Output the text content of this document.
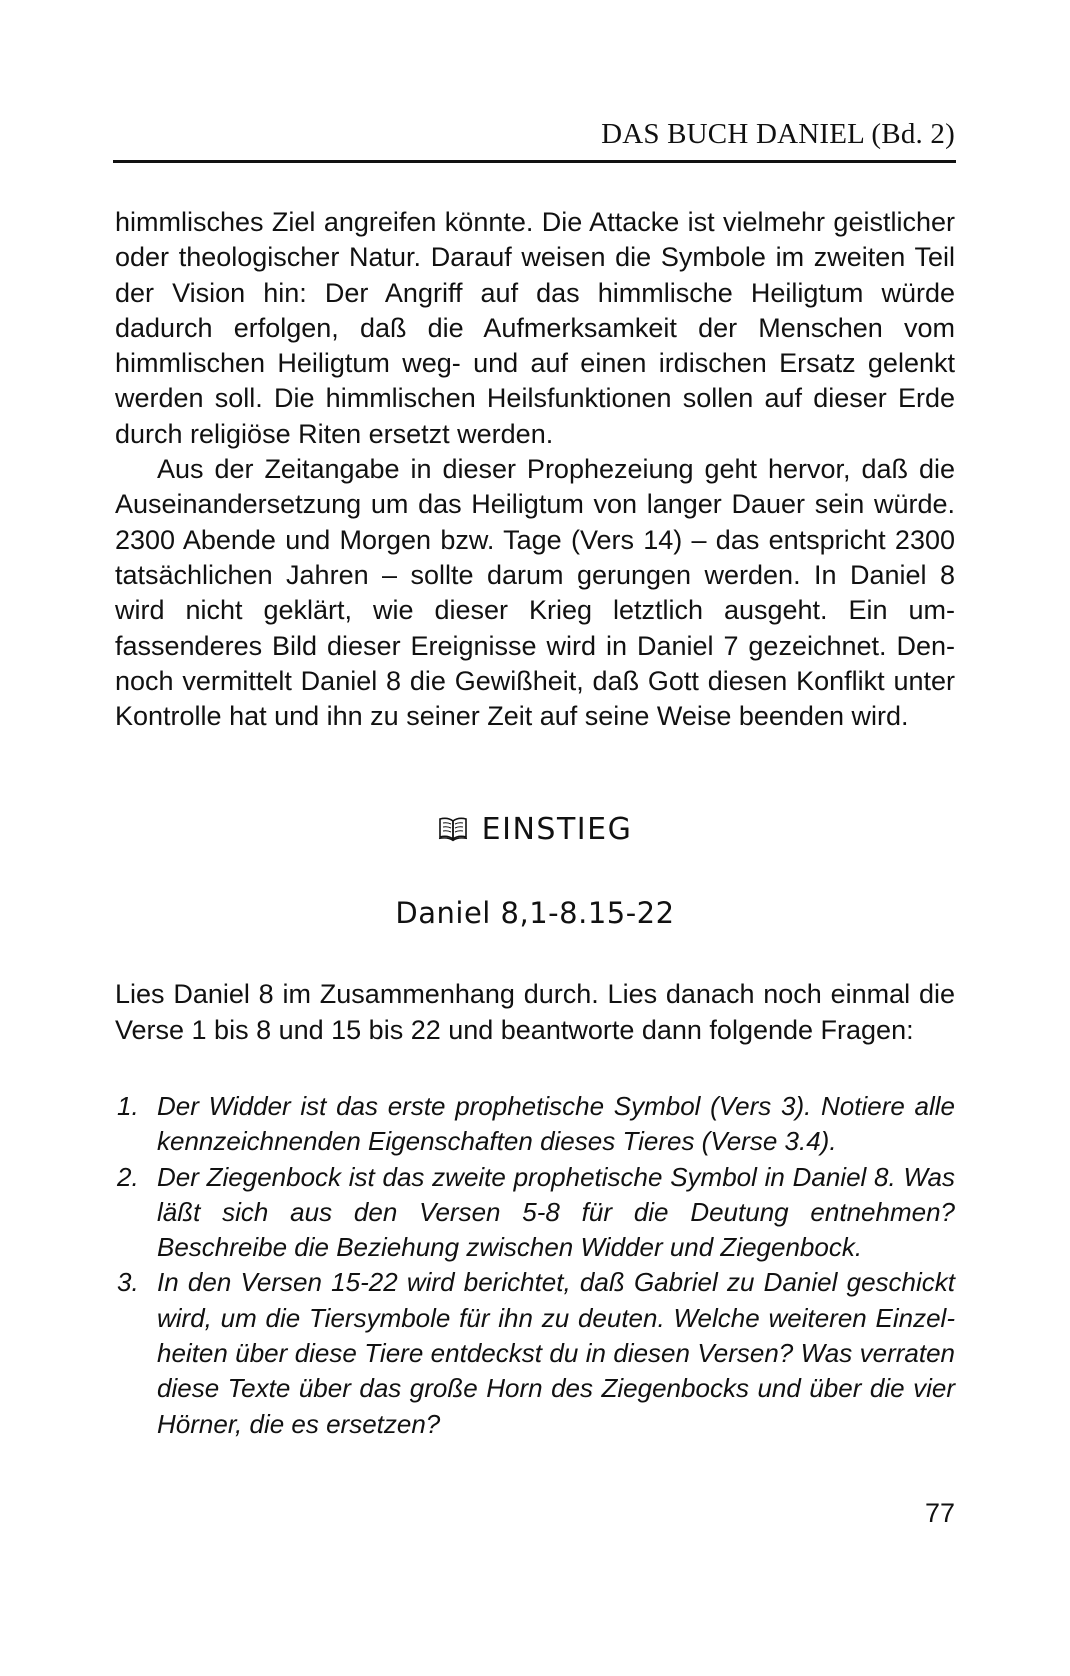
DAS BUCH DANIEL (Bd. 2)

himmlisches Ziel angreifen könnte. Die Attacke ist vielmehr geistlicher oder theologischer Natur. Darauf weisen die Symbole im zweiten Teil der Vision hin: Der Angriff auf das himmlische Heiligtum würde dadurch erfolgen, daß die Aufmerksamkeit der Menschen vom himmlischen Heiligtum weg- und auf einen irdischen Ersatz gelenkt werden soll. Die himmlischen Heilsfunktionen sollen auf dieser Erde durch religiöse Riten ersetzt werden.

Aus der Zeitangabe in dieser Prophezeiung geht hervor, daß die Auseinandersetzung um das Heiligtum von langer Dauer sein würde. 2300 Abende und Morgen bzw. Tage (Vers 14) – das entspricht 2300 tatsächlichen Jahren – sollte darum gerungen werden. In Daniel 8 wird nicht geklärt, wie dieser Krieg letztlich ausgeht. Ein umfassenderes Bild dieser Ereignisse wird in Daniel 7 gezeichnet. Dennoch vermittelt Daniel 8 die Gewißheit, daß Gott diesen Konflikt unter Kontrolle hat und ihn zu seiner Zeit auf seine Weise beenden wird.

EINSTIEG
Daniel 8,1-8.15-22

Lies Daniel 8 im Zusammenhang durch. Lies danach noch einmal die Verse 1 bis 8 und 15 bis 22 und beantworte dann folgende Fragen:

1. Der Widder ist das erste prophetische Symbol (Vers 3). Notiere alle kennzeichnenden Eigenschaften dieses Tieres (Verse 3.4).
2. Der Ziegenbock ist das zweite prophetische Symbol in Daniel 8. Was läßt sich aus den Versen 5-8 für die Deutung entnehmen? Beschreibe die Beziehung zwischen Widder und Ziegenbock.
3. In den Versen 15-22 wird berichtet, daß Gabriel zu Daniel geschickt wird, um die Tiersymbole für ihn zu deuten. Welche weiteren Einzelheiten über diese Tiere entdeckst du in diesen Versen? Was verraten diese Texte über das große Horn des Ziegenbocks und über die vier Hörner, die es ersetzen?
77
